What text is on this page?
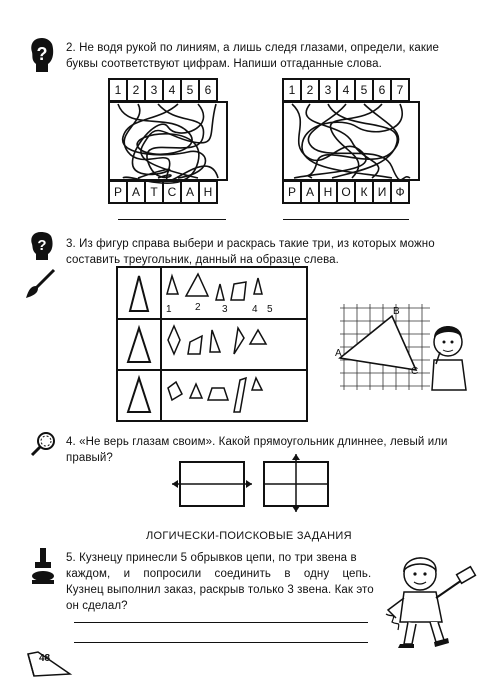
? 2. Не водя рукой по линиям, а лишь следя глазами, определи, какие
буквы соответствуют цифрам. Напиши отгаданные слова.
1 2 3 4 5 6
Р А Т С А Н
1 2 3 4 5 6 7
Р А Н О К И Ф
? 3. Из фигур справа выбери и раскрась такие три, из которых можно
составить треугольник, данный на образце слева.
1 2 3 4 5
A
B
C
4. «Не верь глазам своим». Какой прямоугольник длиннее, левый или
правый?
ЛОГИЧЕСКИ-ПОИСКОВЫЕ ЗАДАНИЯ
5. Кузнецу принесли 5 обрывков цепи, по три звена в
каждом, и попросили соединить в одну цепь.
Кузнец выполнил заказ, раскрыв только 3 звена. Как это
он сделал?
48
